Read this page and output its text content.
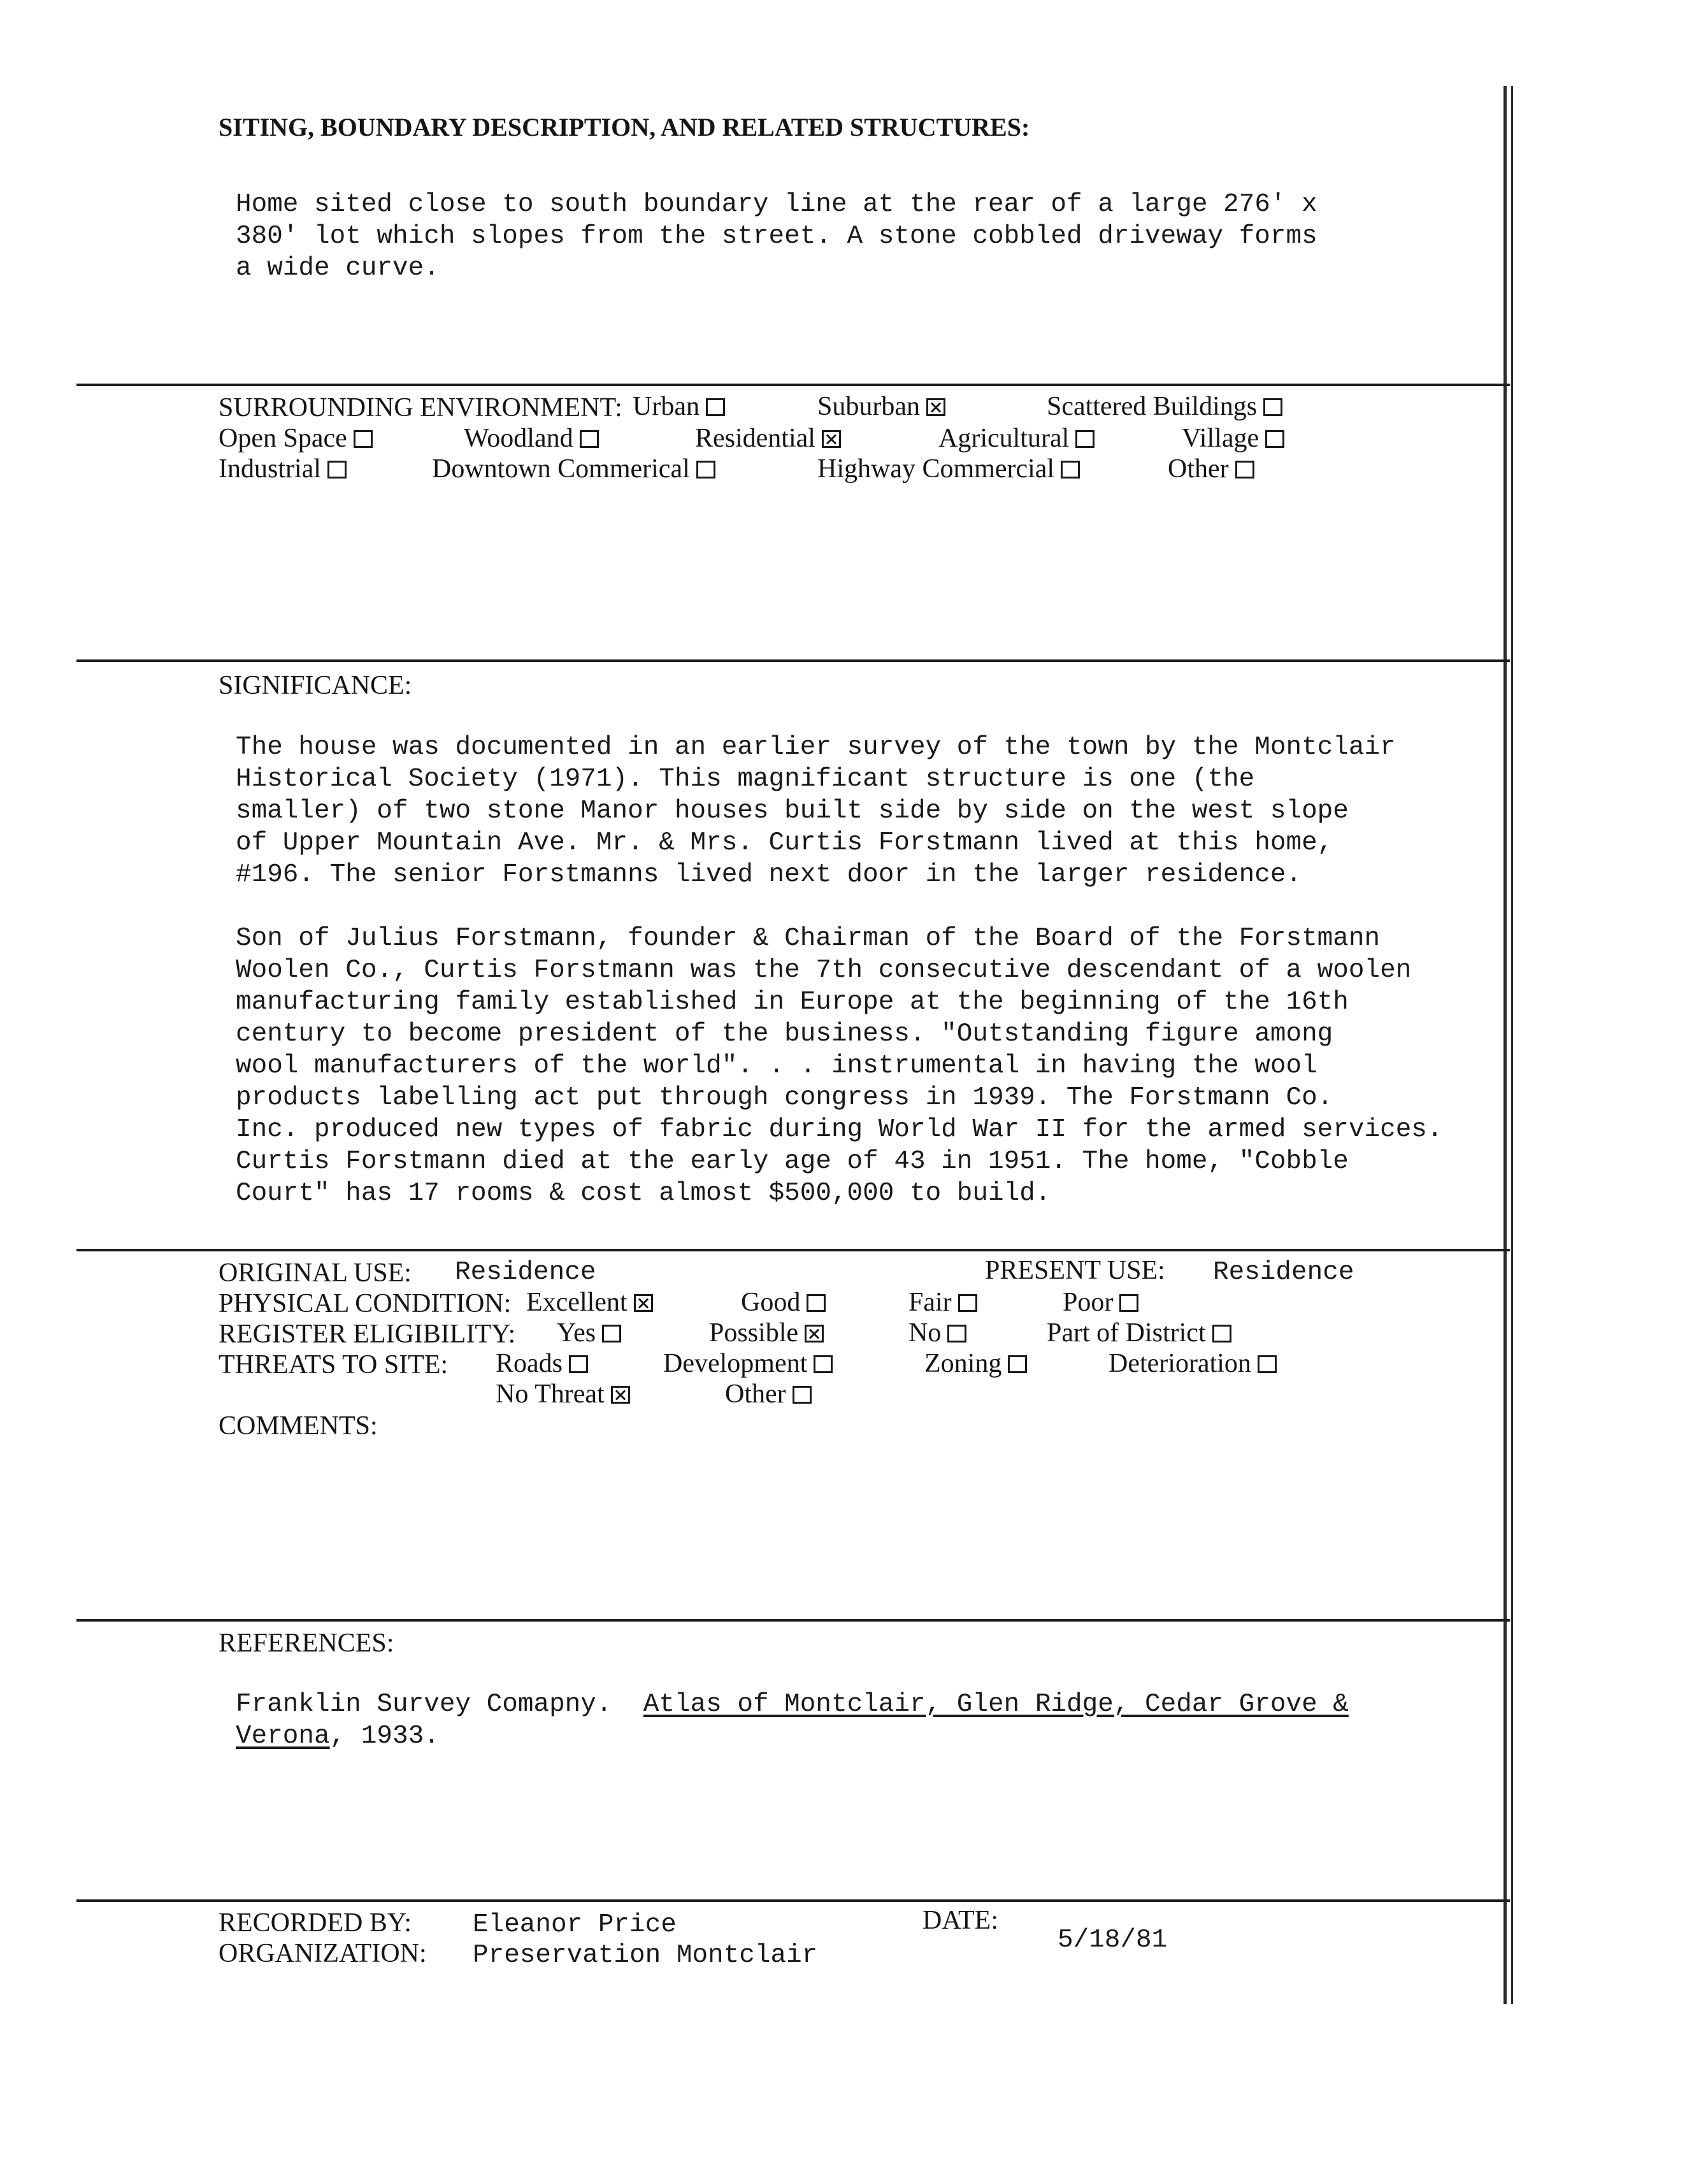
SITING, BOUNDARY DESCRIPTION, AND RELATED STRUCTURES:
Home sited close to south boundary line at the rear of a large 276' x
380' lot which slopes from the street. A stone cobbled driveway forms
a wide curve.
SURROUNDING ENVIRONMENT: Urban	Suburban	Scattered Buildings
Open Space	Woodland	Residential	Agricultural	Village
Industrial	Downtown Commerical	Highway Commercial	Other
SIGNIFICANCE:
The house was documented in an earlier survey of the town by the Montclair
Historical Society (1971). This magnificant structure is one (the
smaller) of two stone Manor houses built side by side on the west slope
of Upper Mountain Ave. Mr. & Mrs. Curtis Forstmann lived at this home,
#196. The senior Forstmanns lived next door in the larger residence.
Son of Julius Forstmann, founder & Chairman of the Board of the Forstmann
Woolen Co., Curtis Forstmann was the 7th consecutive descendant of a woolen
manufacturing family established in Europe at the beginning of the 16th
century to become president of the business. "Outstanding figure among
wool manufacturers of the world". . . instrumental in having the wool
products labelling act put through congress in 1939. The Forstmann Co.
Inc. produced new types of fabric during World War II for the armed services.
Curtis Forstmann died at the early age of 43 in 1951. The home, "Cobble
Court" has 17 rooms & cost almost $500,000 to build.
ORIGINAL USE: Residence	PRESENT USE: Residence
PHYSICAL CONDITION: Excellent	Good	Fair	Poor
REGISTER ELIGIBILITY: Yes	Possible	No	Part of District
THREATS TO SITE: Roads	Development	Zoning	Deterioration
No Threat	Other
COMMENTS:
REFERENCES:
Franklin Survey Comapny.  Atlas of Montclair, Glen Ridge, Cedar Grove &
Verona, 1933.
RECORDED BY: Eleanor Price
ORGANIZATION: Preservation Montclair
DATE:
5/18/81
